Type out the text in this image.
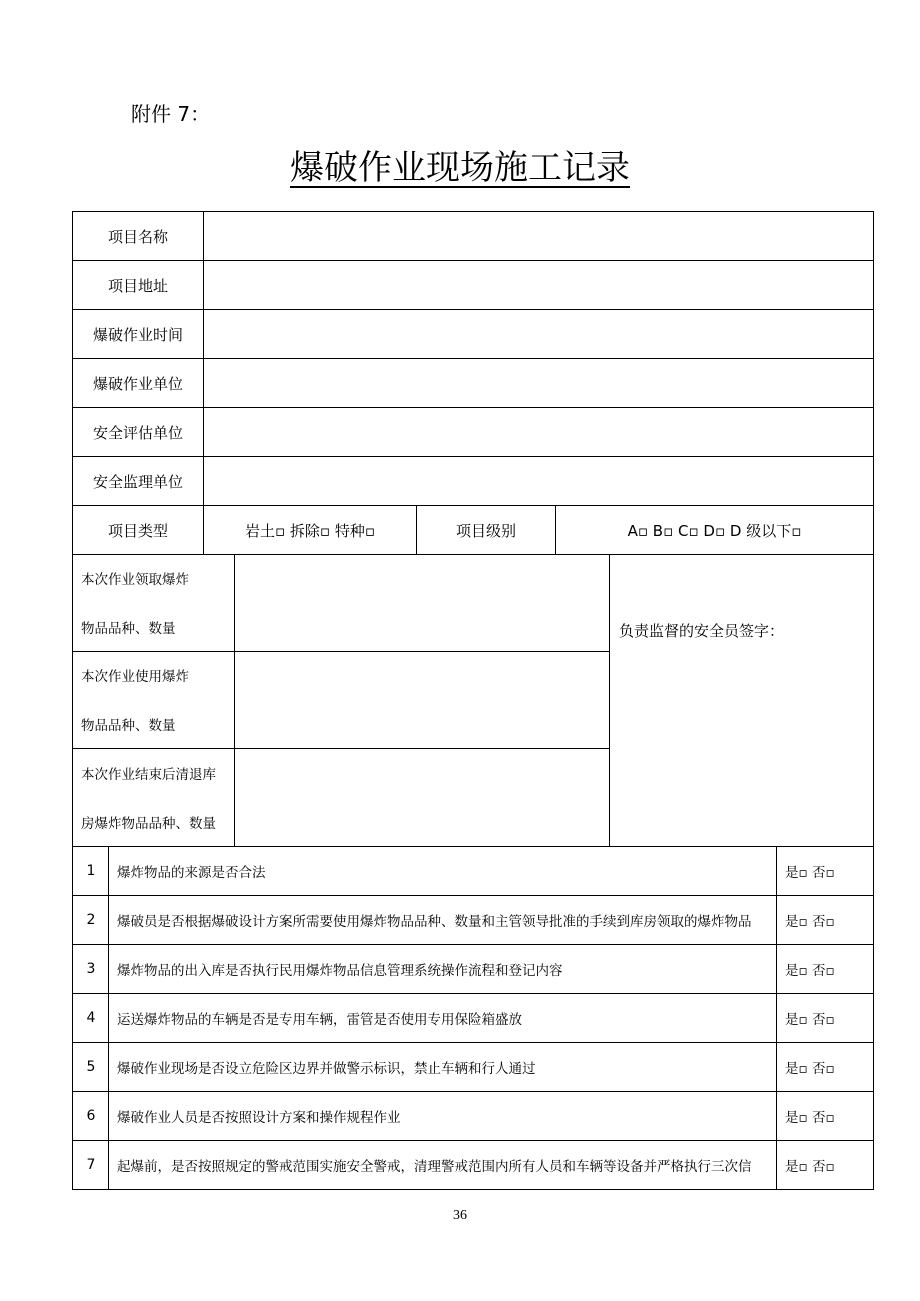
附件 7：
爆破作业现场施工记录
项目名称
项目地址
爆破作业时间
爆破作业单位
安全评估单位
安全监理单位
项目类型	岩土▫ 拆除▫ 特种▫	项目级别	A▫ B▫ C▫ D▫ D 级以下▫
本次作业领取爆炸
物品品种、数量
本次作业使用爆炸
物品品种、数量
本次作业结束后清退库
房爆炸物品品种、数量
负责监督的安全员签字：
1	爆炸物品的来源是否合法	是▫ 否▫
2	爆破员是否根据爆破设计方案所需要使用爆炸物品品种、数量和主管领导批准的手续到库房领取的爆炸物品	是▫ 否▫
3	爆炸物品的出入库是否执行民用爆炸物品信息管理系统操作流程和登记内容	是▫ 否▫
4	运送爆炸物品的车辆是否是专用车辆，雷管是否使用专用保险箱盛放	是▫ 否▫
5	爆破作业现场是否设立危险区边界并做警示标识，禁止车辆和行人通过	是▫ 否▫
6	爆破作业人员是否按照设计方案和操作规程作业	是▫ 否▫
7	起爆前，是否按照规定的警戒范围实施安全警戒，清理警戒范围内所有人员和车辆等设备并严格执行三次信	是▫ 否▫
36
